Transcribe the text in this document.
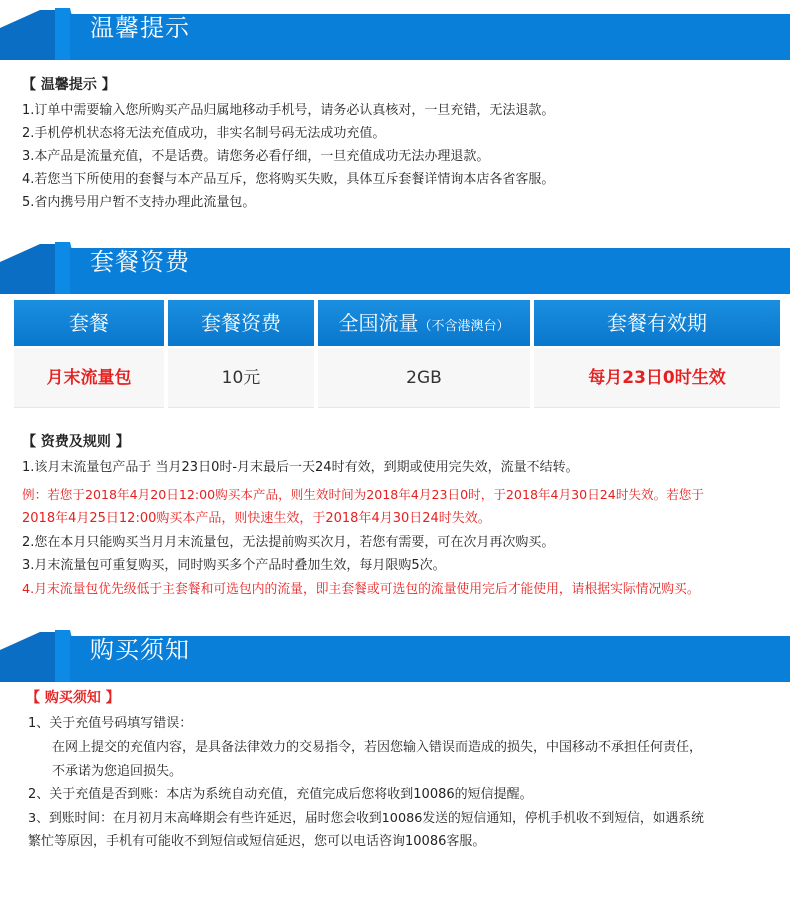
温馨提示
【 温馨提示 】
1.订单中需要输入您所购买产品归属地移动手机号，请务必认真核对，一旦充错，无法退款。
2.手机停机状态将无法充值成功，非实名制号码无法成功充值。
3.本产品是流量充值，不是话费。请您务必看仔细，一旦充值成功无法办理退款。
4.若您当下所使用的套餐与本产品互斥，您将购买失败，具体互斥套餐详情询本店各省客服。
5.省内携号用户暂不支持办理此流量包。
套餐资费
套餐	套餐资费	全国流量（不含港澳台）	套餐有效期
月末流量包	10元	2GB	每月23日0时生效
【 资费及规则 】
1.该月末流量包产品于 当月23日0时-月末最后一天24时有效，到期或使用完失效，流量不结转。
例：若您于2018年4月20日12:00购买本产品，则生效时间为2018年4月23日0时，于2018年4月30日24时失效。若您于
2018年4月25日12:00购买本产品，则快速生效，于2018年4月30日24时失效。
2.您在本月只能购买当月月末流量包，无法提前购买次月，若您有需要，可在次月再次购买。
3.月末流量包可重复购买，同时购买多个产品时叠加生效，每月限购5次。
4.月末流量包优先级低于主套餐和可选包内的流量，即主套餐或可选包的流量使用完后才能使用，请根据实际情况购买。
购买须知
【 购买须知 】
1、关于充值号码填写错误：
在网上提交的充值内容，是具备法律效力的交易指令，若因您输入错误而造成的损失，中国移动不承担任何责任，
不承诺为您追回损失。
2、关于充值是否到账：本店为系统自动充值，充值完成后您将收到10086的短信提醒。
3、到账时间：在月初月末高峰期会有些许延迟，届时您会收到10086发送的短信通知，停机手机收不到短信，如遇系统
繁忙等原因，手机有可能收不到短信或短信延迟，您可以电话咨询10086客服。
